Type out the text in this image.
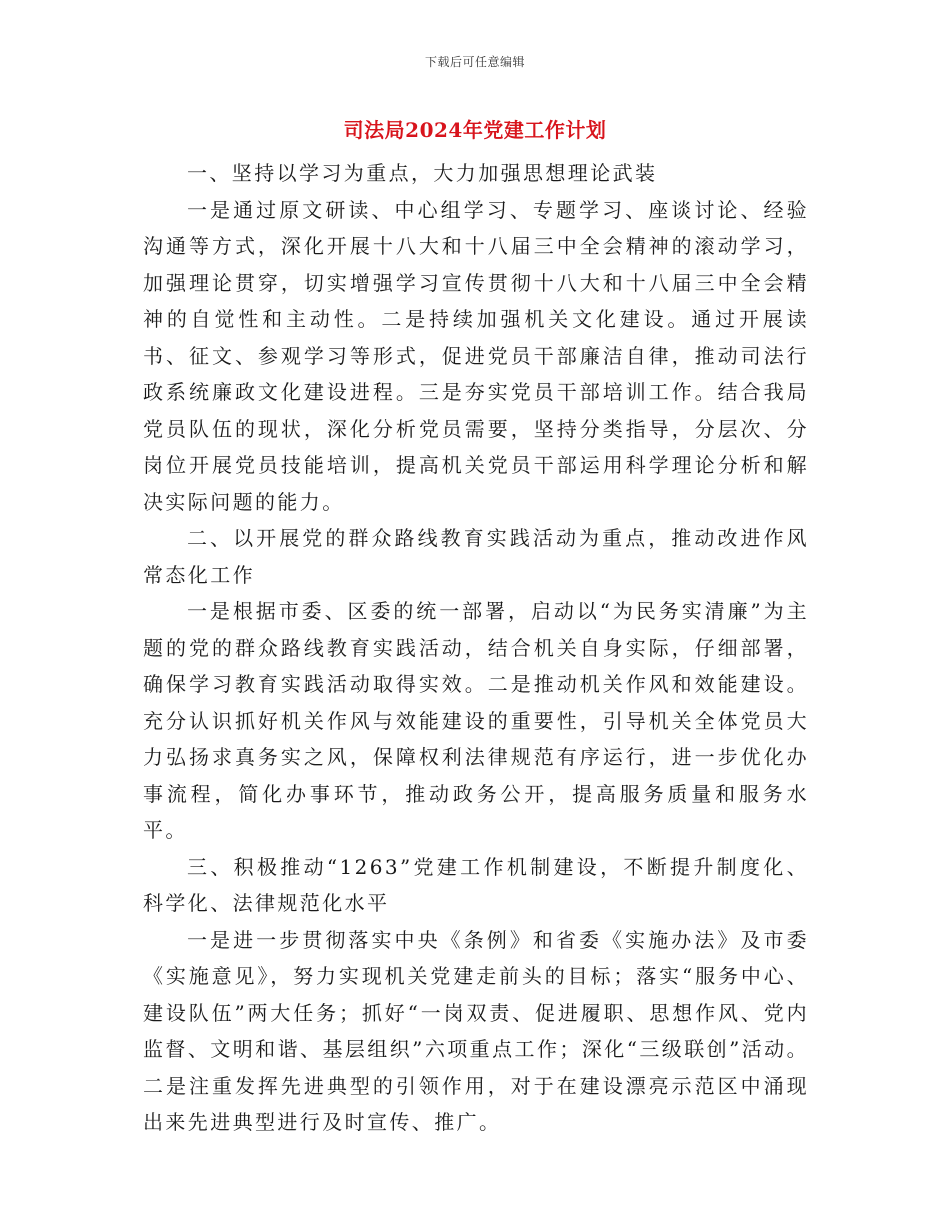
下载后可任意编辑
司法局2024年党建工作计划

一、坚持以学习为重点，大力加强思想理论武装

一是通过原文研读、中心组学习、专题学习、座谈讨论、经验沟通等方式，深化开展十八大和十八届三中全会精神的滚动学习，加强理论贯穿，切实增强学习宣传贯彻十八大和十八届三中全会精神的自觉性和主动性。二是持续加强机关文化建设。通过开展读书、征文、参观学习等形式，促进党员干部廉洁自律，推动司法行政系统廉政文化建设进程。三是夯实党员干部培训工作。结合我局党员队伍的现状，深化分析党员需要，坚持分类指导，分层次、分岗位开展党员技能培训，提高机关党员干部运用科学理论分析和解决实际问题的能力。

二、以开展党的群众路线教育实践活动为重点，推动改进作风常态化工作

一是根据市委、区委的统一部署，启动以“为民务实清廉”为主题的党的群众路线教育实践活动，结合机关自身实际，仔细部署，确保学习教育实践活动取得实效。二是推动机关作风和效能建设。充分认识抓好机关作风与效能建设的重要性，引导机关全体党员大力弘扬求真务实之风，保障权利法律规范有序运行，进一步优化办事流程，简化办事环节，推动政务公开，提高服务质量和服务水平。

三、积极推动“1263”党建工作机制建设，不断提升制度化、科学化、法律规范化水平

一是进一步贯彻落实中央《条例》和省委《实施办法》及市委《实施意见》，努力实现机关党建走前头的目标；落实“服务中心、建设队伍”两大任务；抓好“一岗双责、促进履职、思想作风、党内监督、文明和谐、基层组织”六项重点工作；深化“三级联创”活动。二是注重发挥先进典型的引领作用，对于在建设漂亮示范区中涌现出来先进典型进行及时宣传、推广。
